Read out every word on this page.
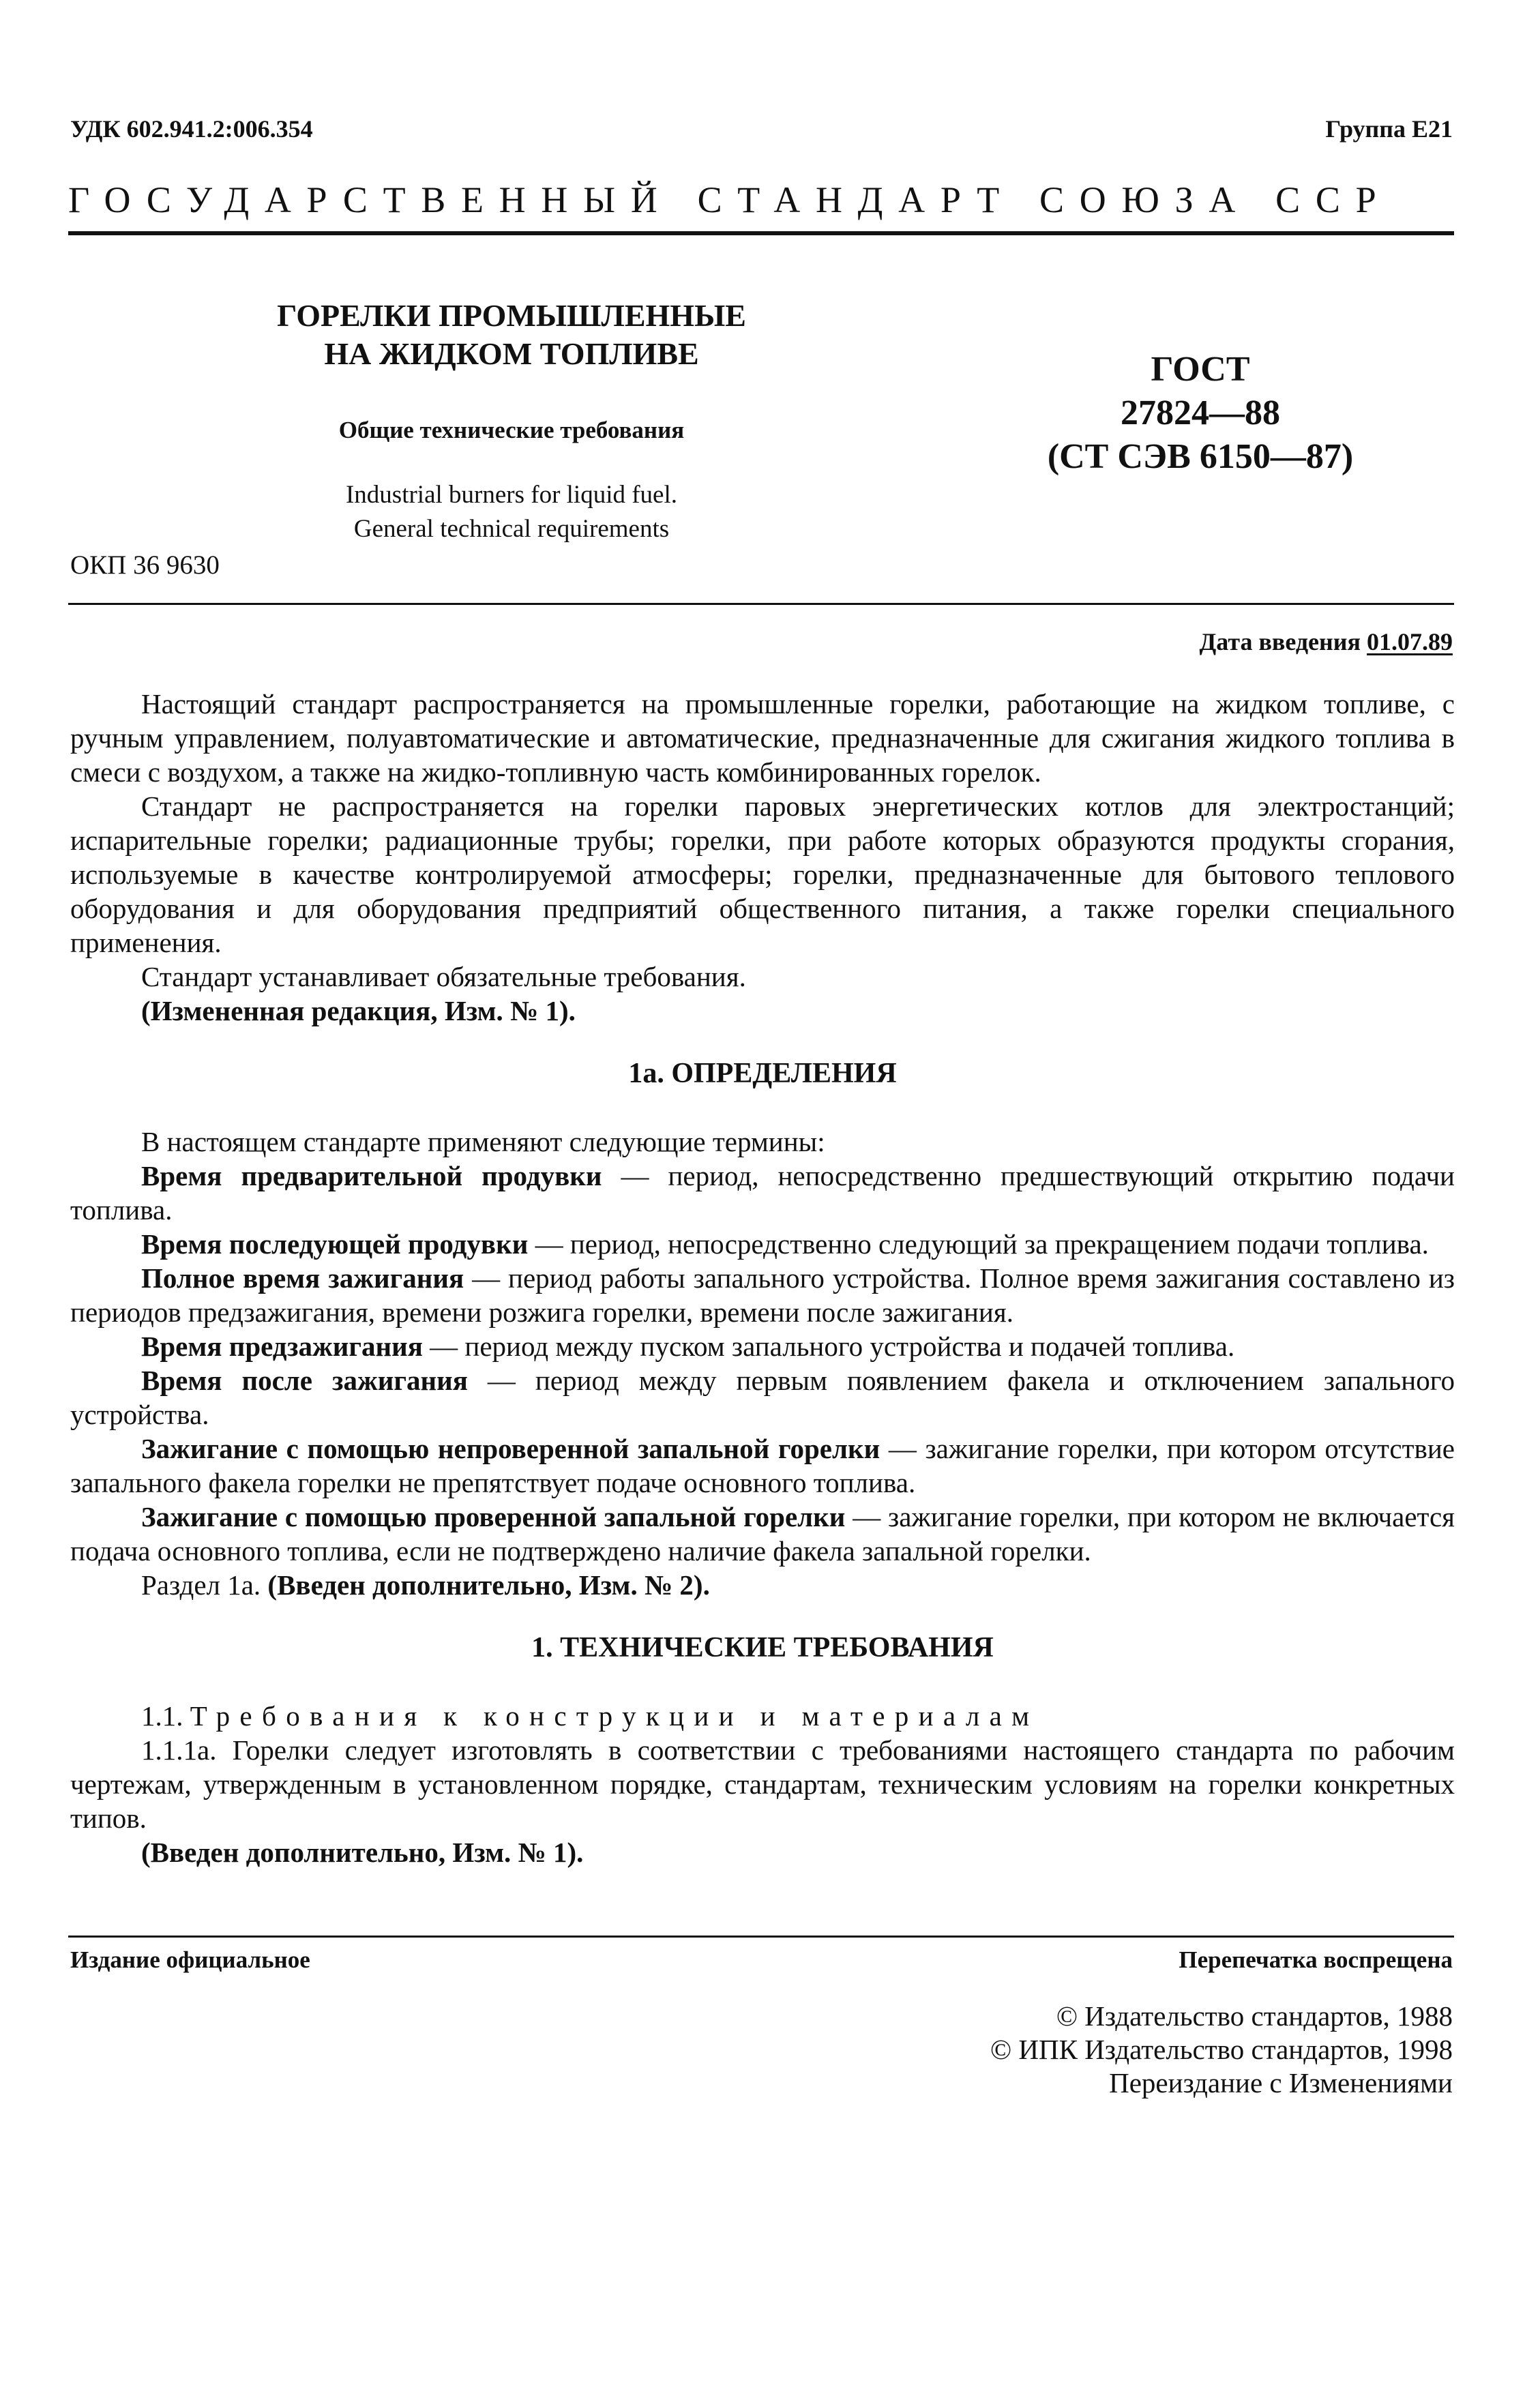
УДК 602.941.2:006.354	Группа Е21
ГОСУДАРСТВЕННЫЙ СТАНДАРТ СОЮЗА ССР
ГОРЕЛКИ ПРОМЫШЛЕННЫЕ
НА ЖИДКОМ ТОПЛИВЕ
Общие технические требования
Industrial burners for liquid fuel.
General technical requirements
ГОСТ
27824—88
(СТ СЭВ 6150—87)
ОКП 36 9630
Дата введения 01.07.89

Настоящий стандарт распространяется на промышленные горелки, работающие на жидком топливе, с ручным управлением, полуавтоматические и автоматические, предназначенные для сжигания жидкого топлива в смеси с воздухом, а также на жидко-топливную часть комбинированных горелок.

Стандарт не распространяется на горелки паровых энергетических котлов для электростанций; испарительные горелки; радиационные трубы; горелки, при работе которых образуются продукты сгорания, используемые в качестве контролируемой атмосферы; горелки, предназначенные для бытового теплового оборудования и для оборудования предприятий общественного питания, а также горелки специального применения.

Стандарт устанавливает обязательные требования.

(Измененная редакция, Изм. № 1).

1а. ОПРЕДЕЛЕНИЯ

В настоящем стандарте применяют следующие термины:

Время предварительной продувки — период, непосредственно предшествующий открытию подачи топлива.

Время последующей продувки — период, непосредственно следующий за прекращением подачи топлива.

Полное время зажигания — период работы запального устройства. Полное время зажигания составлено из периодов предзажигания, времени розжига горелки, времени после зажигания.

Время предзажигания — период между пуском запального устройства и подачей топлива.

Время после зажигания — период между первым появлением факела и отключением запального устройства.

Зажигание с помощью непроверенной запальной горелки — зажигание горелки, при котором отсутствие запального факела горелки не препятствует подаче основного топлива.

Зажигание с помощью проверенной запальной горелки — зажигание горелки, при котором не включается подача основного топлива, если не подтверждено наличие факела запальной горелки.

Раздел 1а. (Введен дополнительно, Изм. № 2).

1. ТЕХНИЧЕСКИЕ ТРЕБОВАНИЯ

1.1. Требования к конструкции и материалам

1.1.1а. Горелки следует изготовлять в соответствии с требованиями настоящего стандарта по рабочим чертежам, утвержденным в установленном порядке, стандартам, техническим условиям на горелки конкретных типов.

(Введен дополнительно, Изм. № 1).

Издание официальное	Перепечатка воспрещена
© Издательство стандартов, 1988
© ИПК Издательство стандартов, 1998
Переиздание с Изменениями
